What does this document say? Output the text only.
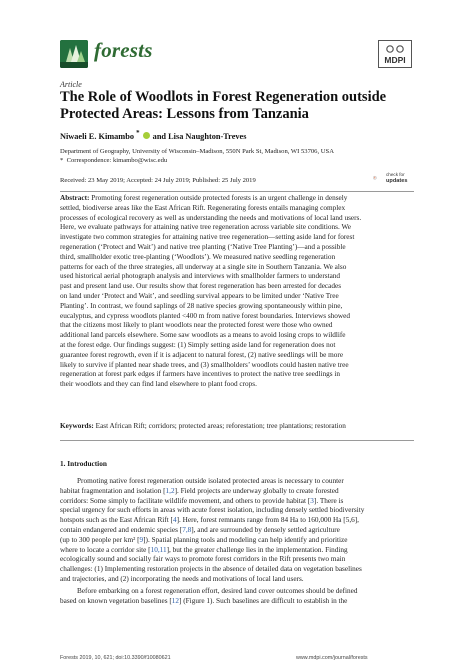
forests	MDPI
Article
The Role of Woodlots in Forest Regeneration outside
Protected Areas: Lessons from Tanzania
Niwaeli E. Kimambo * and Lisa Naughton-Treves
Department of Geography, University of Wisconsin–Madison, 550N Park St, Madison, WI 53706, USA
* Correspondence: kimambo@wisc.edu
Received: 23 May 2019; Accepted: 24 July 2019; Published: 25 July 2019
check for
updates
Abstract: Promoting forest regeneration outside protected forests is an urgent challenge in densely
settled, biodiverse areas like the East African Rift. Regenerating forests entails managing complex
processes of ecological recovery as well as understanding the needs and motivations of local land users.
Here, we evaluate pathways for attaining native tree regeneration across variable site conditions. We
investigate two common strategies for attaining native tree regeneration—setting aside land for forest
regeneration (‘Protect and Wait’) and native tree planting (‘Native Tree Planting’)—and a possible
third, smallholder exotic tree-planting (‘Woodlots’). We measured native seedling regeneration
patterns for each of the three strategies, all underway at a single site in Southern Tanzania. We also
used historical aerial photograph analysis and interviews with smallholder farmers to understand
past and present land use. Our results show that forest regeneration has been arrested for decades
on land under ‘Protect and Wait’, and seedling survival appears to be limited under ‘Native Tree
Planting’. In contrast, we found saplings of 28 native species growing spontaneously within pine,
eucalyptus, and cypress woodlots planted <400 m from native forest boundaries. Interviews showed
that the citizens most likely to plant woodlots near the protected forest were those who owned
additional land parcels elsewhere. Some saw woodlots as a means to avoid losing crops to wildlife
at the forest edge. Our findings suggest: (1) Simply setting aside land for regeneration does not
guarantee forest regrowth, even if it is adjacent to natural forest, (2) native seedlings will be more
likely to survive if planted near shade trees, and (3) smallholders’ woodlots could hasten native tree
regeneration at forest park edges if farmers have incentives to protect the native tree seedlings in
their woodlots and they can find land elsewhere to plant food crops.
Keywords: East African Rift; corridors; protected areas; reforestation; tree plantations; restoration
1. Introduction
Promoting native forest regeneration outside isolated protected areas is necessary to counter
habitat fragmentation and isolation [1,2]. Field projects are underway globally to create forested
corridors: Some simply to facilitate wildlife movement, and others to provide habitat [3]. There is
special urgency for such efforts in areas with acute forest isolation, including densely settled biodiversity
hotspots such as the East African Rift [4]. Here, forest remnants range from 84 Ha to 160,000 Ha [5,6],
contain endangered and endemic species [7,8], and are surrounded by densely settled agriculture
(up to 300 people per km² [9]). Spatial planning tools and modeling can help identify and prioritize
where to locate a corridor site [10,11], but the greater challenge lies in the implementation. Finding
ecologically sound and socially fair ways to promote forest corridors in the Rift presents two main
challenges: (1) Implementing restoration projects in the absence of detailed data on vegetation baselines
and trajectories, and (2) incorporating the needs and motivations of local land users.
Before embarking on a forest regeneration effort, desired land cover outcomes should be defined
based on known vegetation baselines [12] (Figure 1). Such baselines are difficult to establish in the
Forests 2019, 10, 621; doi:10.3390/f10080621	www.mdpi.com/journal/forests
